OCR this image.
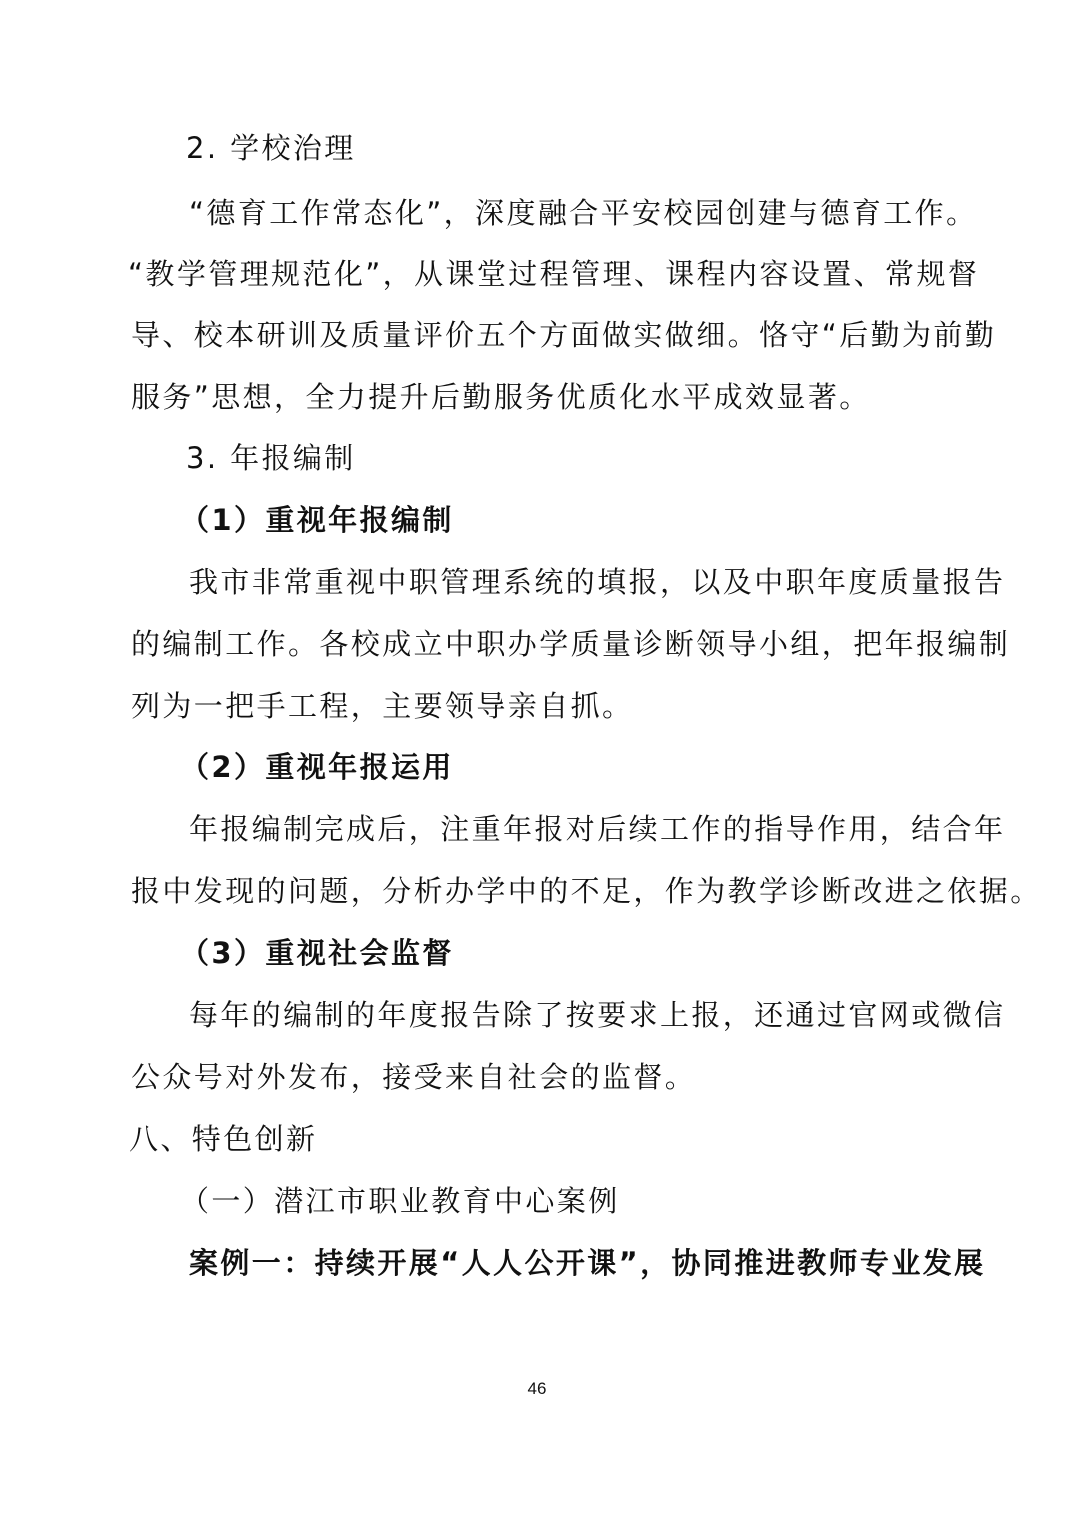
2. 学校治理
“德育工作常态化”，深度融合平安校园创建与德育工作。
“教学管理规范化”，从课堂过程管理、课程内容设置、常规督
导、校本研训及质量评价五个方面做实做细。恪守“后勤为前勤
服务”思想，全力提升后勤服务优质化水平成效显著。
3. 年报编制
（1）重视年报编制
我市非常重视中职管理系统的填报，以及中职年度质量报告
的编制工作。各校成立中职办学质量诊断领导小组，把年报编制
列为一把手工程，主要领导亲自抓。
（2）重视年报运用
年报编制完成后，注重年报对后续工作的指导作用，结合年
报中发现的问题，分析办学中的不足，作为教学诊断改进之依据。
（3）重视社会监督
每年的编制的年度报告除了按要求上报，还通过官网或微信
公众号对外发布，接受来自社会的监督。
八、特色创新
（一）潜江市职业教育中心案例
案例一：持续开展“人人公开课”，协同推进教师专业发展
46
